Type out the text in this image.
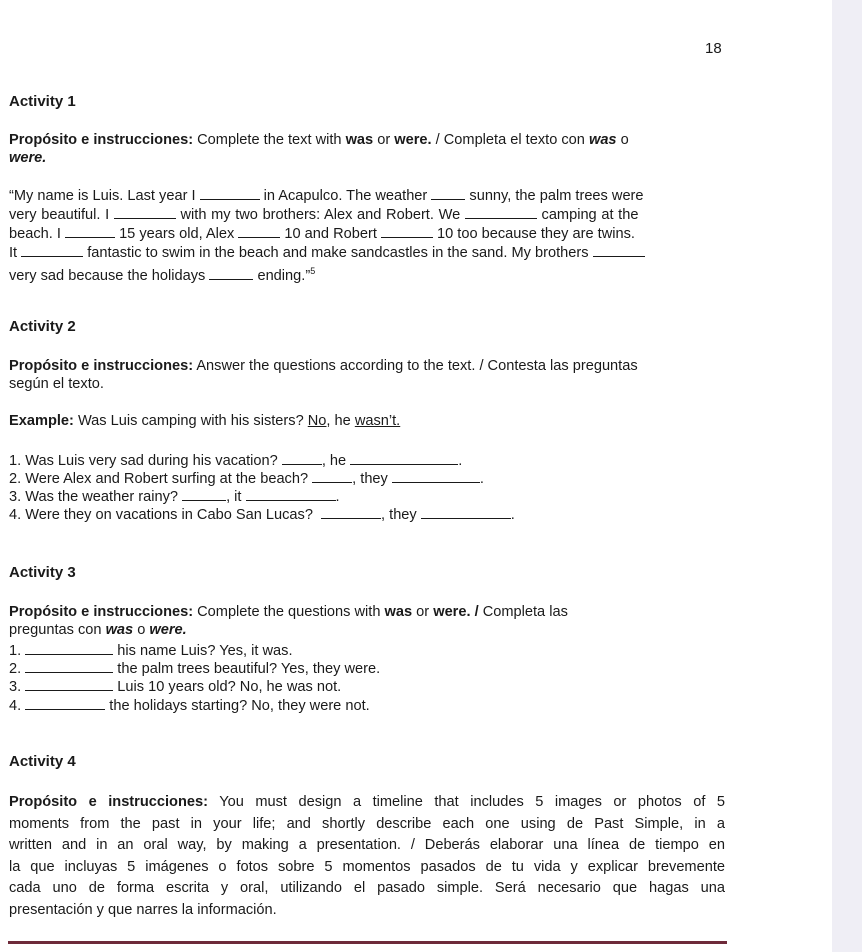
18
Activity 1
Propósito e instrucciones: Complete the text with was or were. / Completa el texto con was o
were.
“My name is Luis. Last year I	in Acapulco. The weather	sunny, the palm trees were
very beautiful. I	with my two brothers: Alex and Robert. We	camping at the
beach. I	15 years old, Alex	10 and Robert	10 too because they are twins.
It	fantastic to swim in the beach and make sandcastles in the sand. My brothers
very sad because the holidays	ending.”$^5$
Activity 2
Propósito e instrucciones: Answer the questions according to the text. / Contesta las preguntas
según el texto.
Example: Was Luis camping with his sisters? No, he wasn’t.
1. Was Luis very sad during his vacation?	, he	.
2. Were Alex and Robert surfing at the beach?	, they	.
3. Was the weather rainy?	, it	.
4. Were they on vacations in Cabo San Lucas?	, they	.
Activity 3
Propósito e instrucciones: Complete the questions with was or were. / Completa las
preguntas con was o were.
1.	his name Luis? Yes, it was.
2.	the palm trees beautiful? Yes, they were.
3.	Luis 10 years old? No, he was not.
4.	the holidays starting? No, they were not.
Activity 4
Propósito e instrucciones: You must design a timeline that includes 5 images or photos of 5
moments from the past in your life; and shortly describe each one using de Past Simple, in a
written and in an oral way, by making a presentation. / Deberás elaborar una línea de tiempo en
la que incluyas 5 imágenes o fotos sobre 5 momentos pasados de tu vida y explicar brevemente
cada uno de forma escrita y oral, utilizando el pasado simple. Será necesario que hagas una
presentación y que narres la información.
